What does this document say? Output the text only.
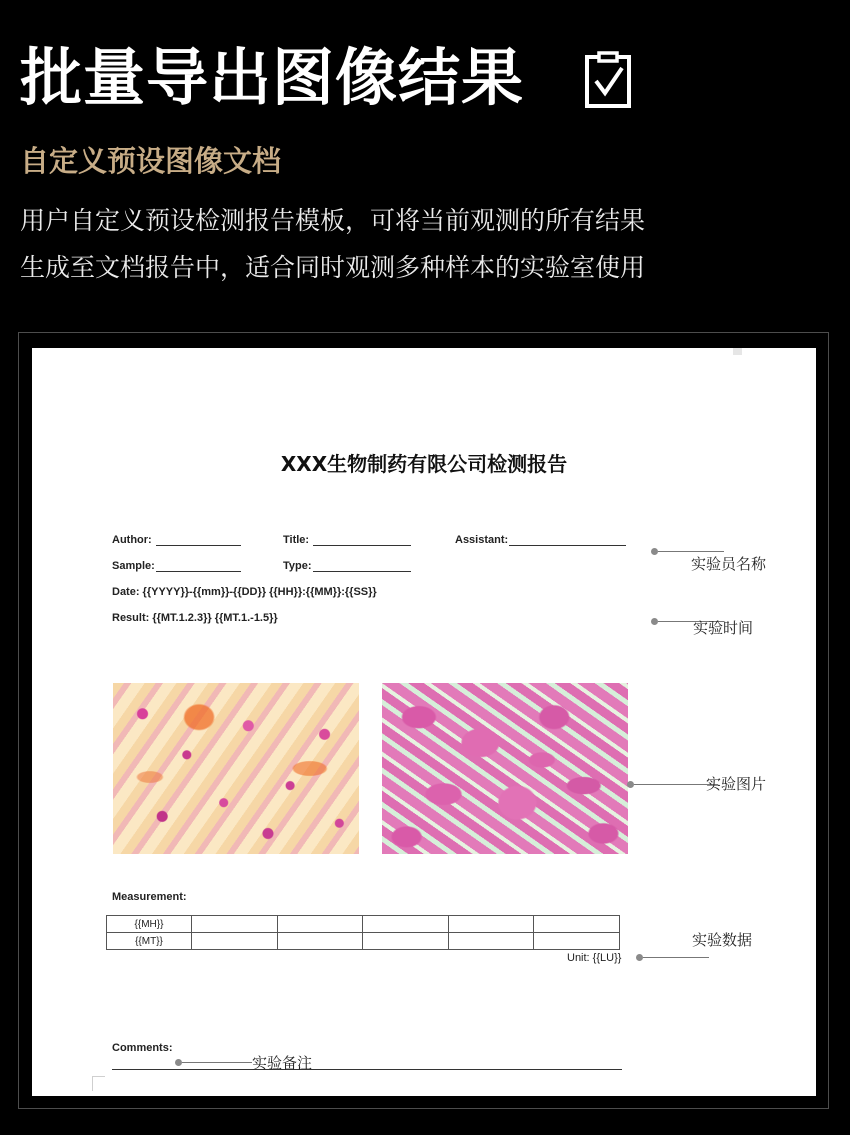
批量导出图像结果
自定义预设图像文档
用户自定义预设检测报告模板，可将当前观测的所有结果
生成至文档报告中，适合同时观测多种样本的实验室使用
XXX生物制药有限公司检测报告
Author:	Title:	Assistant:
Sample:	Type:
Date: {{YYYY}}-{{mm}}-{{DD}} {{HH}}:{{MM}}:{{SS}}
Result: {{MT.1.2.3}} {{MT.1.-1.5}}
Measurement:
{{MH}}					
{{MT}}					
Unit: {{LU}}
Comments:
实验员名称
实验时间
实验图片
实验数据
实验备注
